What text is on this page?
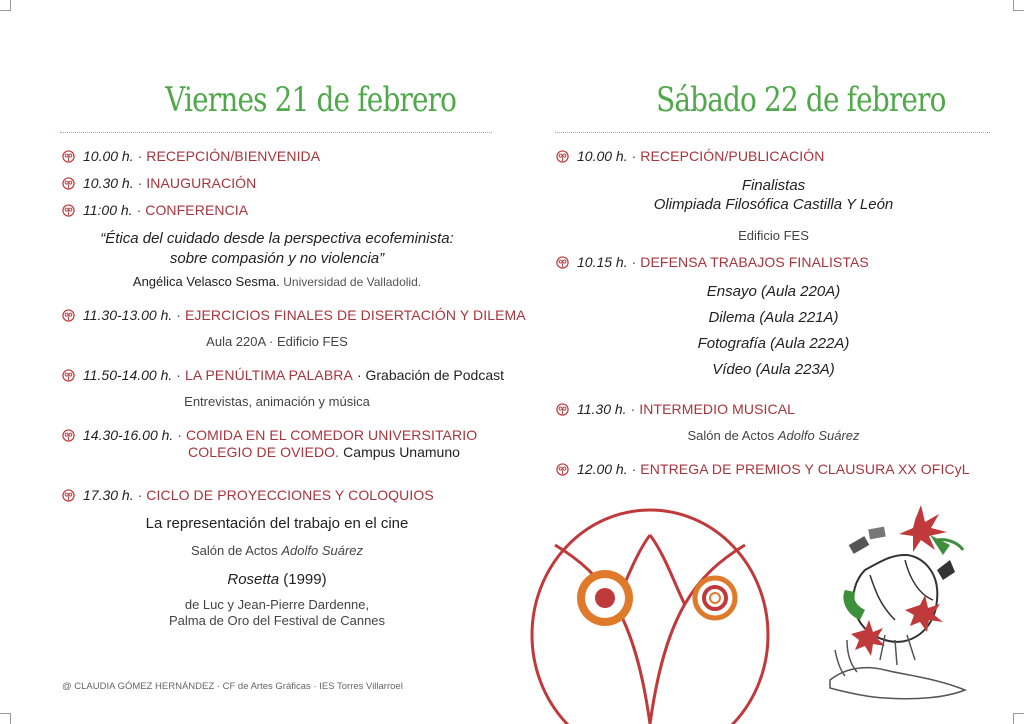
Viernes 21 de febrero
10.00 h. · RECEPCIÓN/BIENVENIDA
10.30 h. · INAUGURACIÓN
11:00 h. · CONFERENCIA
“Ética del cuidado desde la perspectiva ecofeminista:
sobre compasión y no violencia”
Angélica Velasco Sesma. Universidad de Valladolid.
11.30-13.00 h. · EJERCICIOS FINALES DE DISERTACIÓN Y DILEMA
Aula 220A · Edificio FES
11.50-14.00 h. · LA PENÚLTIMA PALABRA · Grabación de Podcast
Entrevistas, animación y música
14.30-16.00 h. · COMIDA EN EL COMEDOR UNIVERSITARIO
COLEGIO DE OVIEDO. Campus Unamuno
17.30 h. · CICLO DE PROYECCIONES Y COLOQUIOS
La representación del trabajo en el cine
Salón de Actos Adolfo Suárez
Rosetta (1999)
de Luc y Jean-Pierre Dardenne,
Palma de Oro del Festival de Cannes
@ CLAUDIA GÓMEZ HERNÁNDEZ · CF de Artes Gráficas · IES Torres Villarroel
Sábado 22 de febrero
10.00 h. · RECEPCIÓN/PUBLICACIÓN
Finalistas
Olimpiada Filosófica Castilla Y León
Edificio FES
10.15 h. · DEFENSA TRABAJOS FINALISTAS
Ensayo (Aula 220A)
Dilema (Aula 221A)
Fotografía (Aula 222A)
Vídeo (Aula 223A)
11.30 h. · INTERMEDIO MUSICAL
Salón de Actos Adolfo Suárez
12.00 h. · ENTREGA DE PREMIOS Y CLAUSURA XX OFICyL
